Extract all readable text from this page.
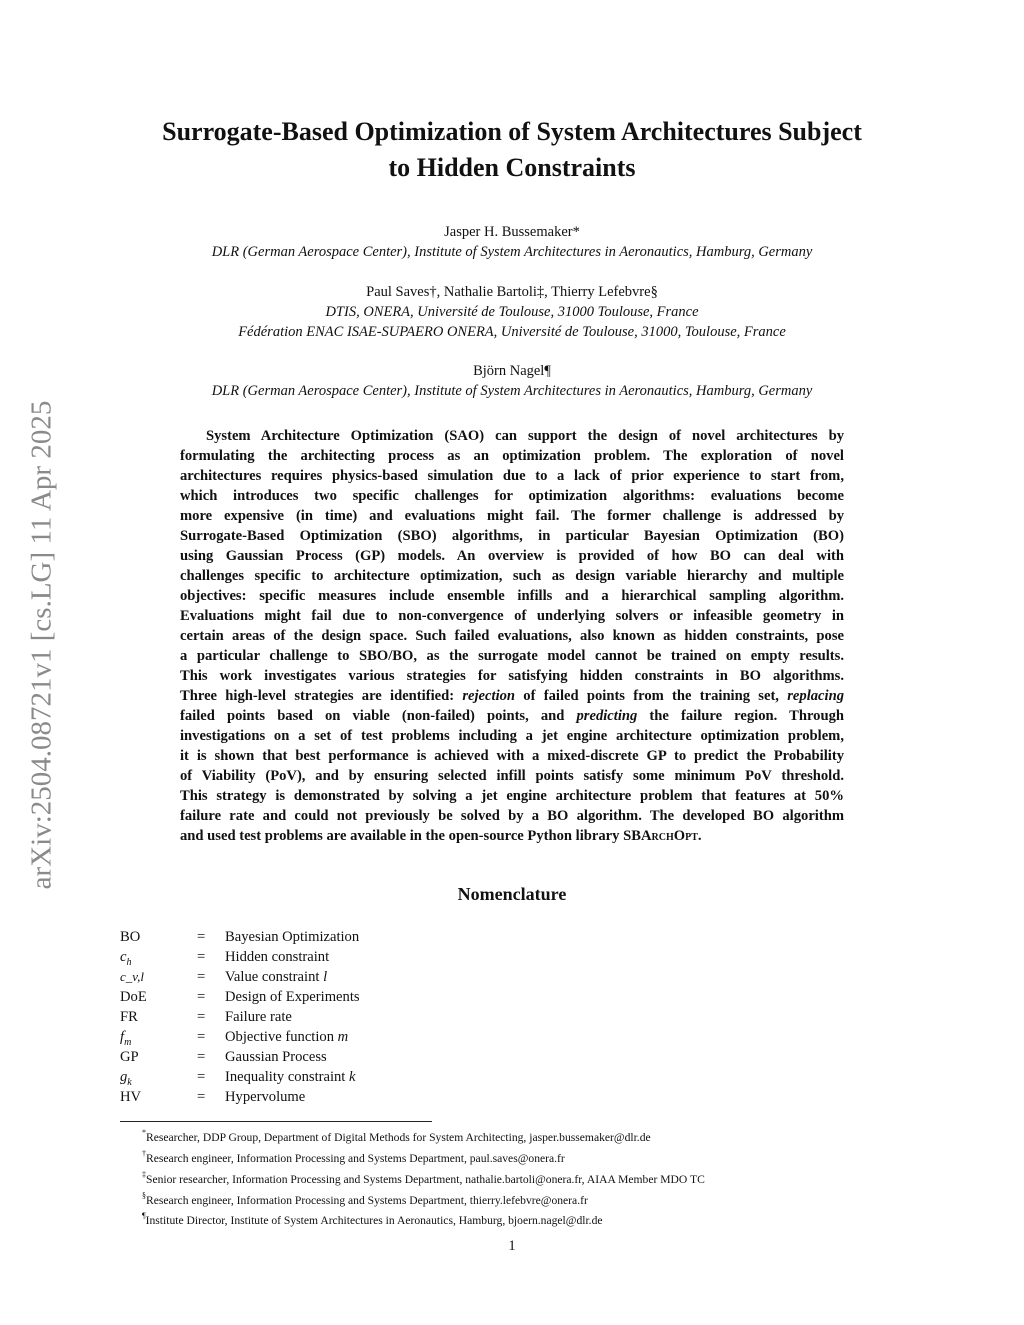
arXiv:2504.08721v1 [cs.LG] 11 Apr 2025
Surrogate-Based Optimization of System Architectures Subject
to Hidden Constraints
Jasper H. Bussemaker*
DLR (German Aerospace Center), Institute of System Architectures in Aeronautics, Hamburg, Germany
Paul Saves†, Nathalie Bartoli‡, Thierry Lefebvre§
DTIS, ONERA, Université de Toulouse, 31000 Toulouse, France
Fédération ENAC ISAE-SUPAERO ONERA, Université de Toulouse, 31000, Toulouse, France
Björn Nagel¶
DLR (German Aerospace Center), Institute of System Architectures in Aeronautics, Hamburg, Germany
System Architecture Optimization (SAO) can support the design of novel architectures by
formulating the architecting process as an optimization problem. The exploration of novel
architectures requires physics-based simulation due to a lack of prior experience to start from,
which introduces two specific challenges for optimization algorithms: evaluations become
more expensive (in time) and evaluations might fail. The former challenge is addressed by
Surrogate-Based Optimization (SBO) algorithms, in particular Bayesian Optimization (BO)
using Gaussian Process (GP) models. An overview is provided of how BO can deal with
challenges specific to architecture optimization, such as design variable hierarchy and multiple
objectives: specific measures include ensemble infills and a hierarchical sampling algorithm.
Evaluations might fail due to non-convergence of underlying solvers or infeasible geometry in
certain areas of the design space. Such failed evaluations, also known as hidden constraints, pose
a particular challenge to SBO/BO, as the surrogate model cannot be trained on empty results.
This work investigates various strategies for satisfying hidden constraints in BO algorithms.
Three high-level strategies are identified: rejection of failed points from the training set, replacing
failed points based on viable (non-failed) points, and predicting the failure region. Through
investigations on a set of test problems including a jet engine architecture optimization problem,
it is shown that best performance is achieved with a mixed-discrete GP to predict the Probability
of Viability (PoV), and by ensuring selected infill points satisfy some minimum PoV threshold.
This strategy is demonstrated by solving a jet engine architecture problem that features at 50%
failure rate and could not previously be solved by a BO algorithm. The developed BO algorithm
and used test problems are available in the open-source Python library SBArchOpt.
Nomenclature
BO	= Bayesian Optimization
$c_h$	= Hidden constraint
c_v,l	= Value constraint l
DoE	= Design of Experiments
FR	= Failure rate
$f_m$	= Objective function m
GP	= Gaussian Process
$g_k$	= Inequality constraint k
HV	= Hypervolume
*Researcher, DDP Group, Department of Digital Methods for System Architecting, jasper.bussemaker@dlr.de
†Research engineer, Information Processing and Systems Department, paul.saves@onera.fr
‡Senior researcher, Information Processing and Systems Department, nathalie.bartoli@onera.fr, AIAA Member MDO TC
§Research engineer, Information Processing and Systems Department, thierry.lefebvre@onera.fr
¶Institute Director, Institute of System Architectures in Aeronautics, Hamburg, bjoern.nagel@dlr.de
1
